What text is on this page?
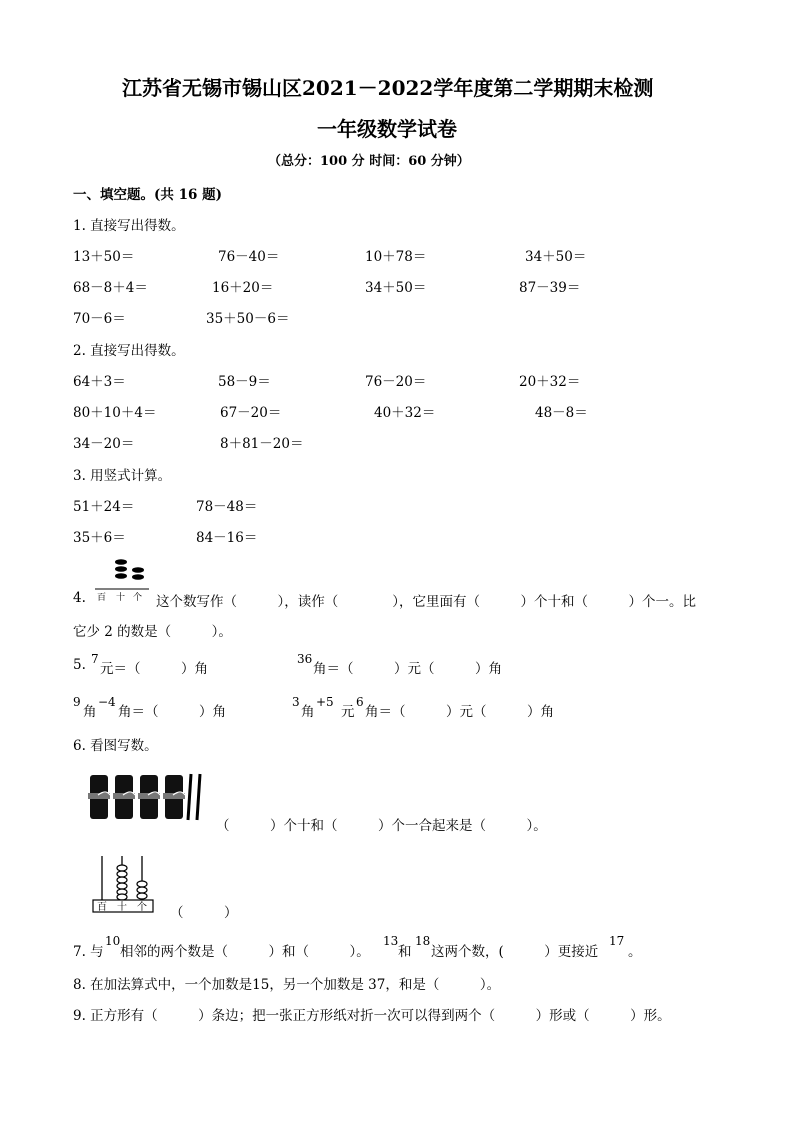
江苏省无锡市锡山区2021－2022学年度第二学期期末检测
一年级数学试卷
（总分：100 分 时间：60 分钟）
一、填空题。(共 16 题)
1. 直接写出得数。
13＋50＝	76－40＝	10＋78＝	34＋50＝
68－8＋4＝	16＋20＝	34＋50＝	87－39＝
70－6＝	35＋50－6＝
2. 直接写出得数。
64＋3＝	58－9＝	76－20＝	20＋32＝
80＋10＋4＝	67－20＝	40＋32＝	48－8＝
34－20＝	8＋81－20＝
3. 用竖式计算。
51＋24＝	78－48＝
35＋6＝	84－16＝
4. 百 十 个 这个数写作（　　　），读作（　　　　），它里面有（　　　）个十和（　　　）个一。比
它少 2 的数是（　　　）。
5. 7
元＝（　　　）角
36
角＝（　　　）元（　　　）角
9
角
−4
角＝（　　　）角
3
角
+5
元
6
角＝（　　　）元（　　　）角
6. 看图写数。
（　　　）个十和（　　　）个一合起来是（　　　）。
百 十 个 （　　　）
7. 与
10
相邻的两个数是（　　　）和（　　　）。
13
和
18
这两个数，(　　　）更接近
17
。
8. 在加法算式中，一个加数是15，另一个加数是 37，和是（　　　）。
9. 正方形有（　　　）条边；把一张正方形纸对折一次可以得到两个（　　　）形或（　　　）形。
